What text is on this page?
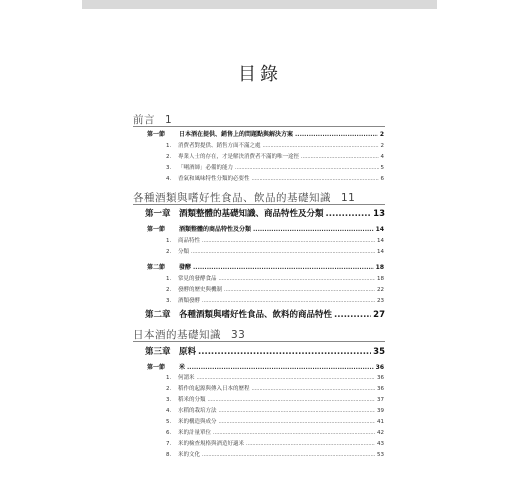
目錄
前言 1
第一節	日本酒在提供、銷售上的問題點與解決方案 .....	2
1.	消費者對提供、銷售方面不滿之處 .....	2
2.	專業人士的存在，才是解決消費者不滿的唯一途徑 .....	4
3.	「唎酒師」必備的能力 .....	5
4.	香氣和風味特性分類的必要性 .....	6
各種酒類與嗜好性食品、飲品的基礎知識 11
第一章 酒類整體的基礎知識、商品特性及分類 .....	13
第一節	酒類整體的商品特性及分類 .....	14
1.	商品特性 .....	14
2.	分類 .....	14
第二節	發酵 .....	18
1.	常見的發酵食品 .....	18
2.	發酵的歷史與機制 .....	22
3.	酒類發酵 .....	23
第二章 各種酒類與嗜好性食品、飲料的商品特性 .....	27
日本酒的基礎知識 33
第三章 原料 .....	35
第一節	米 .....	36
1.	何謂米 .....	36
2.	稻作的起源與傳入日本的歷程 .....	36
3.	稻米的分類 .....	37
4.	水稻的栽培方法 .....	39
5.	米的構造與成分 .....	41
6.	米的計量單位 .....	42
7.	米的檢查規格與酒造好適米 .....	43
8.	米的文化 .....	53
